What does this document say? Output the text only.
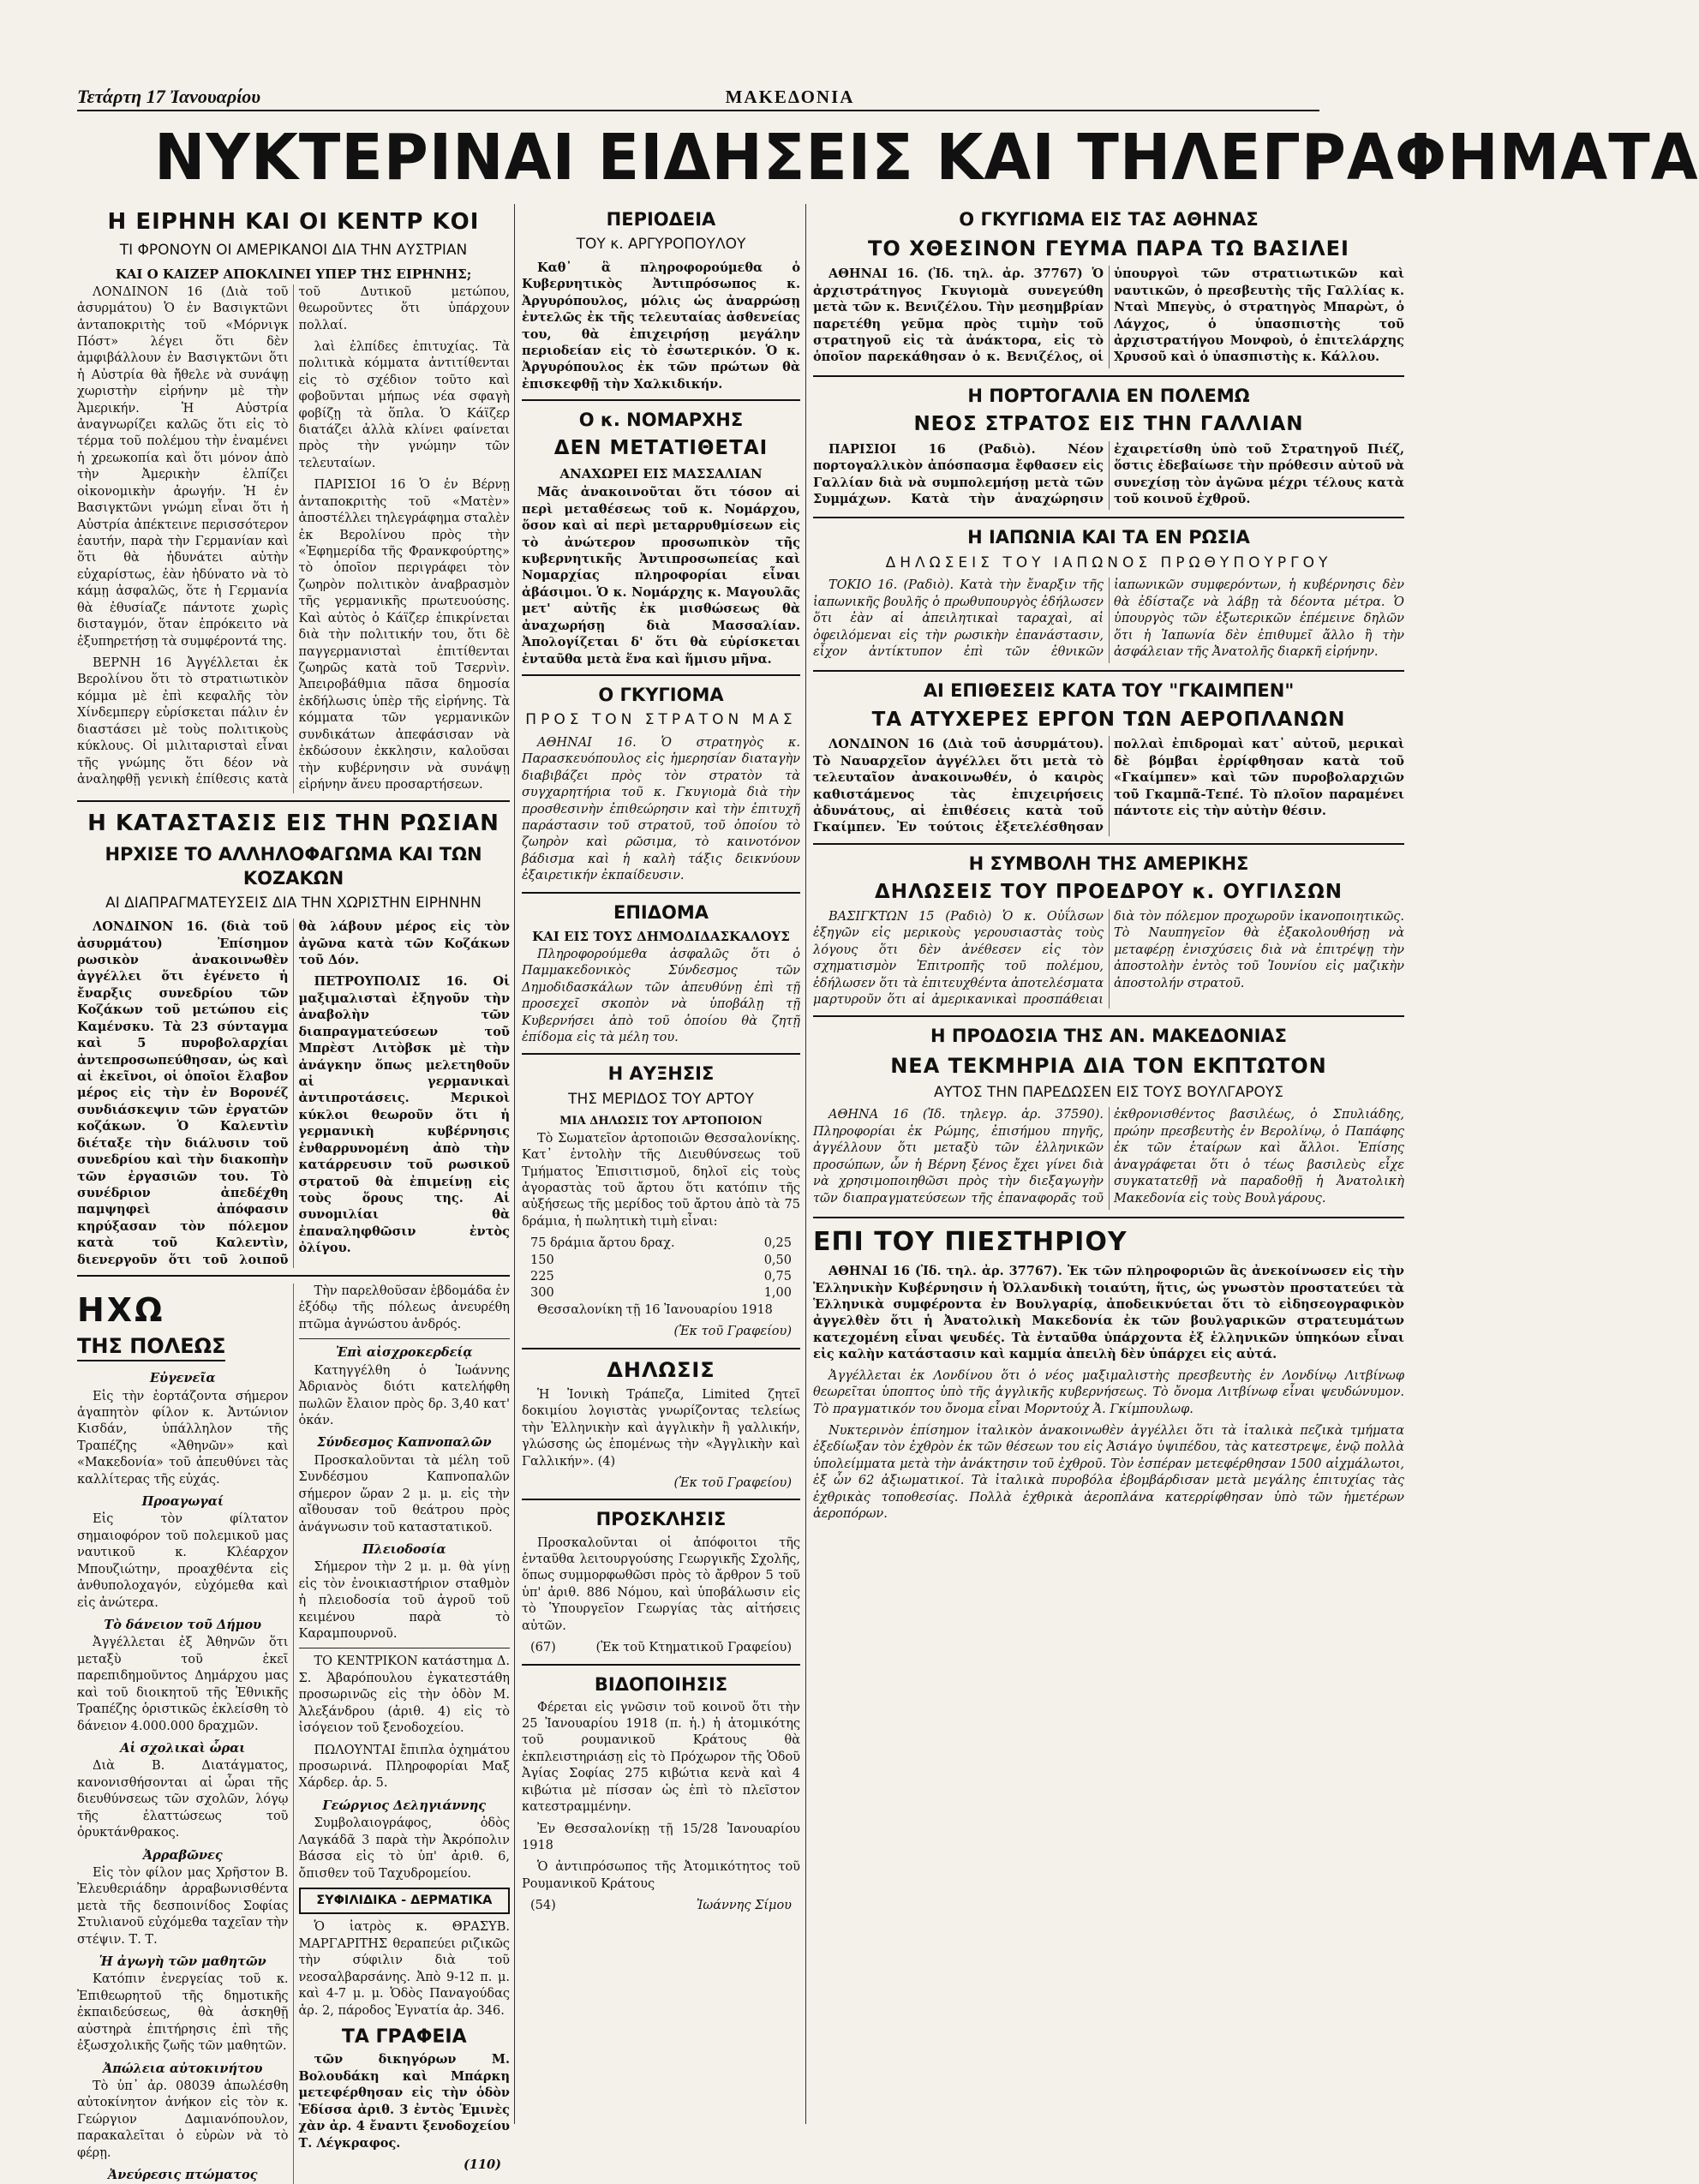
Τετάρτη 17 Ἰανουαρίου	ΜΑΚΕΔΟΝΙΑ
ΝΥΚΤΕΡΙΝΑΙ ΕΙΔΗΣΕΙΣ ΚΑΙ ΤΗΛΕΓΡΑΦΗΜΑΤΑ
Η ΕΙΡΗΝΗ ΚΑΙ ΟΙ ΚΕΝΤΡ ΚΟΙ
ΤΙ ΦΡΟΝΟΥΝ ΟΙ ΑΜΕΡΙΚΑΝΟΙ ΔΙΑ ΤΗΝ ΑΥΣΤΡΙΑΝ
ΚΑΙ Ο ΚΑΙΖΕΡ ΑΠΟΚΛΙΝΕΙ ΥΠΕΡ ΤΗΣ ΕΙΡΗΝΗΣ;

ΛΟΝΔΙΝΟΝ 16 (Διὰ τοῦ ἀσυρμάτου) Ὁ ἐν Βασιγκτῶνι ἀνταποκριτὴς τοῦ «Μόρνιγκ Πόστ» λέγει ὅτι δὲν ἀμφιβάλλουν ἐν Βασιγκτῶνι ὅτι ἡ Αὐστρία θὰ ἤθελε νὰ συνάψῃ χωριστὴν εἰρήνην μὲ τὴν Ἀμερικήν. Ἡ Αὐστρία ἀναγνωρίζει καλῶς ὅτι εἰς τὸ τέρμα τοῦ πολέμου τὴν ἐναμένει ἡ χρεωκοπία καὶ ὅτι μόνον ἀπὸ τὴν Ἀμερικὴν ἐλπίζει οἰκονομικὴν ἀρωγήν. Ἡ ἐν Βασιγκτῶνι γνώμη εἶναι ὅτι ἡ Αὐστρία ἀπέκτεινε περισσότερον ἑαυτήν, παρὰ τὴν Γερμανίαν καὶ ὅτι θὰ ἠδυνάτει αὐτὴν εὐχαρίστως, ἐὰν ἠδύνατο νὰ τὸ κάμῃ ἀσφαλῶς, ὅτε ἡ Γερμανία θὰ ἐθυσίαζε πάντοτε χωρὶς δισταγμόν, ὅταν ἐπρόκειτο νὰ ἐξυπηρετήσῃ τὰ συμφέροντά της.

ΒΕΡΝΗ 16 Ἀγγέλλεται ἐκ Βερολίνου ὅτι τὸ στρατιωτικὸν κόμμα μὲ ἐπὶ κεφαλῆς τὸν Χίνδεμπεργ εὑρίσκεται πάλιν ἐν διαστάσει μὲ τοὺς πολιτικοὺς κύκλους. Οἱ μιλιταρισταὶ εἶναι τῆς γνώμης ὅτι δέον νὰ ἀναληφθῇ γενικὴ ἐπίθεσις κατὰ τοῦ Δυτικοῦ μετώπου, θεωροῦντες ὅτι ὑπάρχουν πολλαί.

λαὶ ἐλπίδες ἐπιτυχίας. Τὰ πολιτικὰ κόμματα ἀντιτίθενται εἰς τὸ σχέδιον τοῦτο καὶ φοβοῦνται μήπως νέα σφαγὴ φοβίζῃ τὰ ὅπλα. Ὁ Κάϊζερ διατάζει ἀλλὰ κλίνει φαίνεται πρὸς τὴν γνώμην τῶν τελευταίων.

ΠΑΡΙΣΙΟΙ 16 Ὁ ἐν Βέρνῃ ἀνταποκριτὴς τοῦ «Ματὲν» ἀποστέλλει τηλεγράφημα σταλὲν ἐκ Βερολίνου πρὸς τὴν «Ἐφημερίδα τῆς Φρανκφούρτης» τὸ ὁποῖον περιγράφει τὸν ζωηρὸν πολιτικὸν ἀναβρασμὸν τῆς γερμανικῆς πρωτευούσης. Καὶ αὐτὸς ὁ Κάϊζερ ἐπικρίνεται διὰ τὴν πολιτικήν του, ὅτι δὲ παγγερμανισταὶ ἐπιτίθενται ζωηρῶς κατὰ τοῦ Τσερνὶν. Ἀπειροβάθμια πᾶσα δημοσία ἐκδήλωσις ὑπὲρ τῆς εἰρήνης. Τὰ κόμματα τῶν γερμανικῶν συνδικάτων ἀπεφάσισαν νὰ ἐκδώσουν ἐκκλησιν, καλοῦσαι τὴν κυβέρνησιν νὰ συνάψῃ εἰρήνην ἄνευ προσαρτήσεων.

Η ΚΑΤΑΣΤΑΣΙΣ ΕΙΣ ΤΗΝ ΡΩΣΙΑΝ
ΗΡΧΙΣΕ ΤΟ ΑΛΛΗΛΟΦΑΓΩΜΑ ΚΑΙ ΤΩΝ ΚΟΖΑΚΩΝ
ΑΙ ΔΙΑΠΡΑΓΜΑΤΕΥΣΕΙΣ ΔΙΑ ΤΗΝ ΧΩΡΙΣΤΗΝ ΕΙΡΗΝΗΝ

ΛΟΝΔΙΝΟΝ 16. (διὰ τοῦ ἀσυρμάτου) Ἐπίσημον ρωσικὸν ἀνακοινωθὲν ἀγγέλλει ὅτι ἐγένετο ἡ ἔναρξις συνεδρίου τῶν Κοζάκων τοῦ μετώπου εἰς Καμένσκυ. Τὰ 23 σύνταγμα καὶ 5 πυροβολαρχίαι ἀντεπροσωπεύθησαν, ὡς καὶ αἱ ἐκεῖνοι, οἱ ὁποῖοι ἔλαβον μέρος εἰς τὴν ἐν Βορονέζ συνδιάσκεψιν τῶν ἐργατῶν κοζάκων. Ὁ Καλεντὶν διέταξε τὴν διάλυσιν τοῦ συνεδρίου καὶ τὴν διακοπὴν τῶν ἐργασιῶν του. Τὸ συνέδριον ἀπεδέχθη παμψηφεὶ ἀπόφασιν κηρύξασαν τὸν πόλεμον κατὰ τοῦ Καλεντὶν, διενεργοῦν ὅτι τοῦ λοιποῦ θὰ λάβουν μέρος εἰς τὸν ἀγῶνα κατὰ τῶν Κοζάκων τοῦ Δόν.

ΠΕΤΡΟΥΠΟΛΙΣ 16. Οἱ μαξιμαλισταὶ ἐξηγοῦν τὴν ἀναβολὴν τῶν διαπραγματεύσεων τοῦ Μπρὲστ Λιτὸβσκ μὲ τὴν ἀνάγκην ὅπως μελετηθοῦν αἱ γερμανικαὶ ἀντιπροτάσεις. Μερικοὶ κύκλοι θεωροῦν ὅτι ἡ γερμανικὴ κυβέρνησις ἐνθαρρυνομένη ἀπὸ τὴν κατάρρευσιν τοῦ ρωσικοῦ στρατοῦ θὰ ἐπιμείνῃ εἰς τοὺς ὅρους της. Αἱ συνομιλίαι θὰ ἐπαναληφθῶσιν ἐντὸς ὀλίγου.

ΗΧΩ
ΤΗΣ ΠΟΛΕΩΣ
Εὐγενεῖα

Εἰς τὴν ἑορτάζοντα σήμερον ἀγαπητὸν φίλον κ. Ἀντώνιον Κισδάν, ὑπάλληλον τῆς Τραπέζης «Ἀθηνῶν» καὶ «Μακεδονία» τοῦ ἀπευθύνει τὰς καλλίτερας τῆς εὐχάς.

Προαγωγαί

Εἰς τὸν φίλτατον σημαιοφόρον τοῦ πολεμικοῦ μας ναυτικοῦ κ. Κλέαρχον Μπουζιώτην, προαχθέντα εἰς ἀνθυπολοχαγόν, εὐχόμεθα καὶ εἰς ἀνώτερα.

Τὸ δάνειον τοῦ Δήμου

Ἀγγέλλεται ἐξ Ἀθηνῶν ὅτι μεταξὺ τοῦ ἐκεῖ παρεπιδημοῦντος Δημάρχου μας καὶ τοῦ διοικητοῦ τῆς Ἐθνικῆς Τραπέζης ὁριστικῶς ἐκλείσθη τὸ δάνειον 4.000.000 δραχμῶν.

Αἱ σχολικαὶ ὧραι

Διὰ Β. Διατάγματος, κανονισθήσονται αἱ ὧραι τῆς διευθύνσεως τῶν σχολῶν, λόγῳ τῆς ἐλαττώσεως τοῦ ὀρυκτάνθρακος.

Ἀρραβῶνες

Εἰς τὸν φίλον μας Χρῆστον Β. Ἐλευθεριάδην ἀρραβωνισθέντα μετὰ τῆς δεσποινίδος Σοφίας Στυλιανοῦ εὐχόμεθα ταχεῖαν τὴν στέψιν. Τ. Τ.

Ἡ ἀγωγὴ τῶν μαθητῶν

Κατόπιν ἐνεργείας τοῦ κ. Ἐπιθεωρητοῦ τῆς δημοτικῆς ἐκπαιδεύσεως, θὰ ἀσκηθῇ αὐστηρὰ ἐπιτήρησις ἐπὶ τῆς ἐξωσχολικῆς ζωῆς τῶν μαθητῶν.

Ἀπώλεια αὐτοκινήτου

Τὸ ὑπ᾽ ἀρ. 08039 ἀπωλέσθη αὐτοκίνητον ἀνήκον εἰς τὸν κ. Γεώργιον Δαμιανόπουλον, παρακαλεῖται ὁ εὑρὼν νὰ τὸ φέρῃ.

Ἀνεύρεσις πτώματος

Τὴν παρελθοῦσαν ἑβδομάδα ἐν ἐξόδῳ τῆς πόλεως ἀνευρέθη πτῶμα ἀγνώστου ἀνδρός.

Ἐπὶ αἰσχροκερδείᾳ

Κατηγγέλθη ὁ Ἰωάννης Ἀδριανὸς διότι κατελήφθη πωλῶν ἔλαιον πρὸς δρ. 3,40 κατ' ὀκάν.

Σύνδεσμος Καπνοπαλῶν

Προσκαλοῦνται τὰ μέλη τοῦ Συνδέσμου Καπνοπαλῶν σήμερον ὥραν 2 μ. μ. εἰς τὴν αἴθουσαν τοῦ θεάτρου πρὸς ἀνάγνωσιν τοῦ καταστατικοῦ.

Πλειοδοσία

Σήμερον τὴν 2 μ. μ. θὰ γίνῃ εἰς τὸν ἐνοικιαστήριον σταθμὸν ἡ πλειοδοσία τοῦ ἀγροῦ τοῦ κειμένου παρὰ τὸ Καραμπουρνοῦ.

ΤΟ ΚΕΝΤΡΙΚΟΝ κατάστημα Δ. Σ. Ἀβαρόπουλου ἐγκατεστάθη προσωρινῶς εἰς τὴν ὁδὸν Μ. Ἀλεξάνδρου (ἀριθ. 4) εἰς τὸ ἰσόγειον τοῦ ξενοδοχείου.

ΠΩΛΟΥΝΤΑΙ ἔπιπλα ὀχημάτου προσωρινά. Πληροφορίαι Μαξ Χάρδερ. ἀρ. 5.

Γεώργιος Δεληγιάννης

Συμβολαιογράφος, ὁδὸς Λαγκάδᾶ 3 παρὰ τὴν Ἀκρόπολιν Βάσσα εἰς τὸ ὑπ' ἀριθ. 6, ὄπισθεν τοῦ Ταχυδρομείου.

ΣΥΦΙΛΙΔΙΚΑ - ΔΕΡΜΑΤΙΚΑ

Ὁ ἰατρὸς κ. ΘΡΑΣΥΒ. ΜΑΡΓΑΡΙΤΗΣ θεραπεύει ριζικῶς τὴν σύφιλιν διὰ τοῦ νεοσαλβαρσάνης. Ἀπὸ 9-12 π. μ. καὶ 4-7 μ. μ. Ὁδὸς Παναγούδας ἀρ. 2, πάροδος Ἐγνατία ἀρ. 346.

ΤΑ ΓΡΑΦΕΙΑ

τῶν δικηγόρων Μ. Βολουδάκη καὶ Μπάρκη μετεφέρθησαν εἰς τὴν ὁδὸν Ἐδίσσα ἀριθ. 3 ἐντὸς Ἑμινὲς χὰν ἀρ. 4 ἔναντι ξενοδοχείου Τ. Λέγκραφος.

(110)
ΠΕΡΙΟΔΕΙΑ
ΤΟΥ κ. ΑΡΓΥΡΟΠΟΥΛΟΥ

Καθ᾽ ἃ πληροφορούμεθα ὁ Κυβερνητικὸς Ἀντιπρόσωπος κ. Ἀργυρόπουλος, μόλις ὡς ἀναρρώσῃ ἐντελῶς ἐκ τῆς τελευταίας ἀσθενείας του, θὰ ἐπιχειρήσῃ μεγάλην περιοδείαν εἰς τὸ ἐσωτερικόν. Ὁ κ. Ἀργυρόπουλος ἐκ τῶν πρώτων θὰ ἐπισκεφθῇ τὴν Χαλκιδικήν.

Ο κ. ΝΟΜΑΡΧΗΣ
ΔΕΝ ΜΕΤΑΤΙΘΕΤΑΙ
ΑΝΑΧΩΡΕΙ ΕΙΣ ΜΑΣΣΑΛΙΑΝ

Μᾶς ἀνακοινοῦται ὅτι τόσον αἱ περὶ μεταθέσεως τοῦ κ. Νομάρχου, ὅσον καὶ αἱ περὶ μεταρρυθμίσεων εἰς τὸ ἀνώτερον προσωπικὸν τῆς κυβερνητικῆς Ἀντιπροσωπείας καὶ Νομαρχίας πληροφορίαι εἶναι ἀβάσιμοι. Ὁ κ. Νομάρχης κ. Μαγουλᾶς μετ' αὐτῆς ἐκ μισθώσεως θὰ ἀναχωρήσῃ διὰ Μασσαλίαν. Ἀπολογίζεται δ' ὅτι θὰ εὑρίσκεται ἐνταῦθα μετὰ ἕνα καὶ ἥμισυ μῆνα.

Ο ΓΚΥΓΙΟΜΑ
ΠΡΟΣ ΤΟΝ ΣΤΡΑΤΟΝ ΜΑΣ

ΑΘΗΝΑΙ 16. Ὁ στρατηγὸς κ. Παρασκευόπουλος εἰς ἡμερησίαν διαταγὴν διαβιβάζει πρὸς τὸν στρατὸν τὰ συγχαρητήρια τοῦ κ. Γκυγιομὰ διὰ τὴν προσθεσινὴν ἐπιθεώρησιν καὶ τὴν ἐπιτυχῆ παράστασιν τοῦ στρατοῦ, τοῦ ὁποίου τὸ ζωηρὸν καὶ ρῶσιμα, τὸ καινοτόνον βάδισμα καὶ ἡ καλὴ τάξις δεικνύουν ἐξαιρετικήν ἐκπαίδευσιν.

ΕΠΙΔΟΜΑ
ΚΑΙ ΕΙΣ ΤΟΥΣ ΔΗΜΟΔΙΔΑΣΚΑΛΟΥΣ

Πληροφορούμεθα ἀσφαλῶς ὅτι ὁ Παμμακεδονικὸς Σύνδεσμος τῶν Δημοδιδασκάλων τῶν ἀπευθύνῃ ἐπὶ τῇ προσεχεῖ σκοπὸν νὰ ὑποβάλῃ τῇ Κυβερνήσει ἀπὸ τοῦ ὁποίου θὰ ζητῇ ἐπίδομα εἰς τὰ μέλη του.

Η ΑΥΞΗΣΙΣ
ΤΗΣ ΜΕΡΙΔΟΣ ΤΟΥ ΑΡΤΟΥ
ΜΙΑ ΔΗΛΩΣΙΣ ΤΟΥ ΑΡΤΟΠΟΙΟΝ

Τὸ Σωματεῖον ἀρτοποιῶν Θεσσαλονίκης. Κατ᾽ ἐντολὴν τῆς Διευθύνσεως τοῦ Τμήματος Ἐπισιτισμοῦ, δηλοῖ εἰς τοὺς ἀγοραστὰς τοῦ ἄρτου ὅτι κατόπιν τῆς αὐξήσεως τῆς μερίδος τοῦ ἄρτου ἀπὸ τὰ 75 δράμια, ἡ πωλητικὴ τιμὴ εἶναι:

75 δράμια ἄρτου δραχ.	0,25
150	0,50
225	0,75
300	1,00

Θεσσαλονίκη τῇ 16 Ἰανουαρίου 1918

(Ἐκ τοῦ Γραφείου)
ΔΗΛΩΣΙΣ

Ἡ Ἰονικὴ Τράπεζα, Limited ζητεῖ δοκιμίου λογιστὰς γνωρίζοντας τελείως τὴν Ἑλληνικὴν καὶ ἀγγλικὴν ἢ γαλλικήν, γλώσσης ὡς ἑπομένως τὴν «Ἀγγλικὴν καὶ Γαλλικήν». (4)

(Ἐκ τοῦ Γραφείου)
ΠΡΟΣΚΛΗΣΙΣ

Προσκαλοῦνται οἱ ἀπόφοιτοι τῆς ἐνταῦθα λειτουργούσης Γεωργικῆς Σχολῆς, ὅπως συμμορφωθῶσι πρὸς τὸ ἄρθρον 5 τοῦ ὑπ' ἀριθ. 886 Νόμου, καὶ ὑποβάλωσιν εἰς τὸ Ὑπουργεῖον Γεωργίας τὰς αἰτήσεις αὐτῶν.

(67)	(Ἐκ τοῦ Κτηματικοῦ Γραφείου)
ΒΙΔΟΠΟΙΗΣΙΣ

Φέρεται εἰς γνῶσιν τοῦ κοινοῦ ὅτι τὴν 25 Ἰανουαρίου 1918 (π. ἡ.) ἡ ἀτομικότης τοῦ ρουμανικοῦ Κράτους θὰ ἐκπλειστηριάσῃ εἰς τὸ Πρόχωρον τῆς Ὁδοῦ Ἀγίας Σοφίας 275 κιβώτια κενὰ καὶ 4 κιβώτια μὲ πίσσαν ὡς ἐπὶ τὸ πλεῖστον κατεστραμμένην.

Ἐν Θεσσαλονίκῃ τῇ 15/28 Ἰανουαρίου 1918

Ὁ ἀντιπρόσωπος τῆς Ἀτομικότητος τοῦ Ρουμανικοῦ Κράτους

(54)	Ἰωάννης Σίμου
Ο ΓΚΥΓΙΩΜΑ ΕΙΣ ΤΑΣ ΑΘΗΝΑΣ
ΤΟ ΧΘΕΣΙΝΟΝ ΓΕΥΜΑ ΠΑΡΑ ΤΩ ΒΑΣΙΛΕΙ

ΑΘΗΝΑΙ 16. (Ἰδ. τηλ. ἀρ. 37767) Ὁ ἀρχιστράτηγος Γκυγιομὰ συνεγεύθη μετὰ τῶν κ. Βενιζέλου. Τὴν μεσημβρίαν παρετέθη γεῦμα πρὸς τιμὴν τοῦ στρατηγοῦ εἰς τὰ ἀνάκτορα, εἰς τὸ ὁποῖον παρεκάθησαν ὁ κ. Βενιζέλος, οἱ ὑπουργοὶ τῶν στρατιωτικῶν καὶ ναυτικῶν, ὁ πρεσβευτὴς τῆς Γαλλίας κ. Νταὶ Μπεγὺς, ὁ στρατηγὸς Μπαρὼτ, ὁ Λάγχος, ὁ ὑπασπιστὴς τοῦ ἀρχιστρατήγου Μονφοὺ, ὁ ἐπιτελάρχης Χρυσοῦ καὶ ὁ ὑπασπιστὴς κ. Κάλλου.

Η ΠΟΡΤΟΓΑΛΙΑ ΕΝ ΠΟΛΕΜΩ
ΝΕΟΣ ΣΤΡΑΤΟΣ ΕΙΣ ΤΗΝ ΓΑΛΛΙΑΝ

ΠΑΡΙΣΙΟΙ 16 (Ραδιὸ). Νέον πορτογαλλικὸν ἀπόσπασμα ἔφθασεν εἰς Γαλλίαν διὰ νὰ συμπολεμήσῃ μετὰ τῶν Συμμάχων. Κατὰ τὴν ἀναχώρησιν ἐχαιρετίσθη ὑπὸ τοῦ Στρατηγοῦ Πιέζ, ὅστις ἐδεβαίωσε τὴν πρόθεσιν αὐτοῦ νὰ συνεχίσῃ τὸν ἀγῶνα μέχρι τέλους κατὰ τοῦ κοινοῦ ἐχθροῦ.

Η ΙΑΠΩΝΙΑ ΚΑΙ ΤΑ ΕΝ ΡΩΣΙΑ
ΔΗΛΩΣΕΙΣ ΤΟΥ ΙΑΠΩΝΟΣ ΠΡΩΘΥΠΟΥΡΓΟΥ

ΤΟΚΙΟ 16. (Ραδιὸ). Κατὰ τὴν ἔναρξιν τῆς ἰαπωνικῆς βουλῆς ὁ πρωθυπουργὸς ἐδήλωσεν ὅτι ἐὰν αἱ ἀπειλητικαὶ ταραχαὶ, αἱ ὀφειλόμεναι εἰς τὴν ρωσικὴν ἐπανάστασιν, εἶχον ἀντίκτυπον ἐπὶ τῶν ἐθνικῶν ἰαπωνικῶν συμφερόντων, ἡ κυβέρνησις δὲν θὰ ἐδίσταζε νὰ λάβῃ τὰ δέοντα μέτρα. Ὁ ὑπουργὸς τῶν ἐξωτερικῶν ἐπέμεινε δηλῶν ὅτι ἡ Ἰαπωνία δὲν ἐπιθυμεῖ ἄλλο ἢ τὴν ἀσφάλειαν τῆς Ἀνατολῆς διαρκῆ εἰρήνην.

ΑΙ ΕΠΙΘΕΣΕΙΣ ΚΑΤΑ ΤΟΥ "ΓΚΑΙΜΠΕΝ"
ΤΑ ΑΤΥΧΕΡΕΣ ΕΡΓΟΝ ΤΩΝ ΑΕΡΟΠΛΑΝΩΝ

ΛΟΝΔΙΝΟΝ 16 (Διὰ τοῦ ἀσυρμάτου). Τὸ Ναυαρχεῖον ἀγγέλλει ὅτι μετὰ τὸ τελευταῖον ἀνακοινωθέν, ὁ καιρὸς καθιστάμενος τὰς ἐπιχειρήσεις ἀδυνάτους, αἱ ἐπιθέσεις κατὰ τοῦ Γκαίμπεν. Ἐν τούτοις ἐξετελέσθησαν πολλαὶ ἐπιδρομαὶ κατ᾽ αὐτοῦ, μερικαὶ δὲ βόμβαι ἐρρίφθησαν κατὰ τοῦ «Γκαίμπεν» καὶ τῶν πυροβολαρχιῶν τοῦ Γκαμπᾶ-Τεπέ. Τὸ πλοῖον παραμένει πάντοτε εἰς τὴν αὐτὴν θέσιν.

Η ΣΥΜΒΟΛΗ ΤΗΣ ΑΜΕΡΙΚΗΣ
ΔΗΛΩΣΕΙΣ ΤΟΥ ΠΡΟΕΔΡΟΥ κ. ΟΥΓΙΛΣΩΝ

ΒΑΣΙΓΚΤΩΝ 15 (Ραδιὸ) Ὁ κ. Οὐΐλσων ἐξηγῶν εἰς μερικοὺς γερουσιαστὰς τοὺς λόγους ὅτι δὲν ἀνέθεσεν εἰς τὸν σχηματισμὸν Ἐπιτροπῆς τοῦ πολέμου, ἐδήλωσεν ὅτι τὰ ἐπιτευχθέντα ἀποτελέσματα μαρτυροῦν ὅτι αἱ ἀμερικανικαὶ προσπάθειαι διὰ τὸν πόλεμον προχωροῦν ἱκανοποιητικῶς. Τὸ Ναυπηγεῖον θὰ ἐξακολουθήσῃ νὰ μεταφέρῃ ἐνισχύσεις διὰ νὰ ἐπιτρέψῃ τὴν ἀποστολὴν ἐντὸς τοῦ Ἰουνίου εἰς μαζικὴν ἀποστολήν στρατοῦ.

Η ΠΡΟΔΟΣΙΑ ΤΗΣ ΑΝ. ΜΑΚΕΔΟΝΙΑΣ
ΝΕΑ ΤΕΚΜΗΡΙΑ ΔΙΑ ΤΟΝ ΕΚΠΤΩΤΟΝ
ΑΥΤΟΣ ΤΗΝ ΠΑΡΕΔΩΣΕΝ ΕΙΣ ΤΟΥΣ ΒΟΥΛΓΑΡΟΥΣ

ΑΘΗΝΑ 16 (Ἰδ. τηλεγρ. ἀρ. 37590). Πληροφορίαι ἐκ Ρώμης, ἐπισήμου πηγῆς, ἀγγέλλουν ὅτι μεταξὺ τῶν ἐλληνικῶν προσώπων, ὧν ἡ Βέρνη ξένος ἔχει γίνει διὰ νὰ χρησιμοποιηθῶσι πρὸς τὴν διεξαγωγὴν τῶν διαπραγματεύσεων τῆς ἐπαναφορᾶς τοῦ ἐκθρονισθέντος βασιλέως, ὁ Σπυλιάδης, πρώην πρεσβευτὴς ἐν Βερολίνῳ, ὁ Παπάφης ἐκ τῶν ἑταίρων καὶ ἄλλοι. Ἐπίσης ἀναγράφεται ὅτι ὁ τέως βασιλεὺς εἶχε συγκατατεθῇ νὰ παραδοθῇ ἡ Ἀνατολικὴ Μακεδονία εἰς τοὺς Βουλγάρους.

ΕΠΙ ΤΟΥ ΠΙΕΣΤΗΡΙΟΥ

ΑΘΗΝΑΙ 16 (Ἰδ. τηλ. ἀρ. 37767). Ἐκ τῶν πληροφοριῶν ἃς ἀνεκοίνωσεν εἰς τὴν Ἑλληνικὴν Κυβέρνησιν ἡ Ὀλλανδικὴ τοιαύτη, ἥτις, ὡς γνωστὸν προστατεύει τὰ Ἑλληνικὰ συμφέροντα ἐν Βουλγαρίᾳ, ἀποδεικνύεται ὅτι τὸ εἰδησεογραφικὸν ἀγγελθὲν ὅτι ἡ Ἀνατολικὴ Μακεδονία ἐκ τῶν βουλγαρικῶν στρατευμάτων κατεχομένη εἶναι ψευδές. Τὰ ἐνταῦθα ὑπάρχοντα ἐξ ἑλληνικῶν ὑπηκόων εἶναι εἰς καλὴν κατάστασιν καὶ καμμία ἀπειλὴ δὲν ὑπάρχει εἰς αὐτά.

Ἀγγέλλεται ἐκ Λονδίνου ὅτι ὁ νέος μαξιμαλιστὴς πρεσβευτὴς ἐν Λονδίνῳ Λιτβίνωφ θεωρεῖται ὑποπτος ὑπὸ τῆς ἀγγλικῆς κυβερνήσεως. Τὸ ὄνομα Λιτβίνωφ εἶναι ψευδώνυμον. Τὸ πραγματικόν του ὄνομα εἶναι Μορντούχ Ἀ. Γκίμπουλωφ.

Νυκτερινὸν ἐπίσημον ἰταλικὸν ἀνακοινωθὲν ἀγγέλλει ὅτι τὰ ἰταλικὰ πεζικὰ τμήματα ἐξεδίωξαν τὸν ἐχθρὸν ἐκ τῶν θέσεων του εἰς Ἀσιάγο ὑψιπέδου, τὰς κατεστρεψε, ἐνῷ πολλὰ ὑπολείμματα μετὰ τὴν ἀνάκτησιν τοῦ ἐχθροῦ. Τὸν ἐσπέραν μετεφέρθησαν 1500 αἰχμάλωτοι, ἐξ ὧν 62 ἀξιωματικοί. Τὰ ἰταλικὰ πυροβόλα ἐβομβάρδισαν μετὰ μεγάλης ἐπιτυχίας τὰς ἐχθρικὰς τοποθεσίας. Πολλὰ ἐχθρικὰ ἀεροπλάνα κατερρίφθησαν ὑπὸ τῶν ἡμετέρων ἀεροπόρων.
